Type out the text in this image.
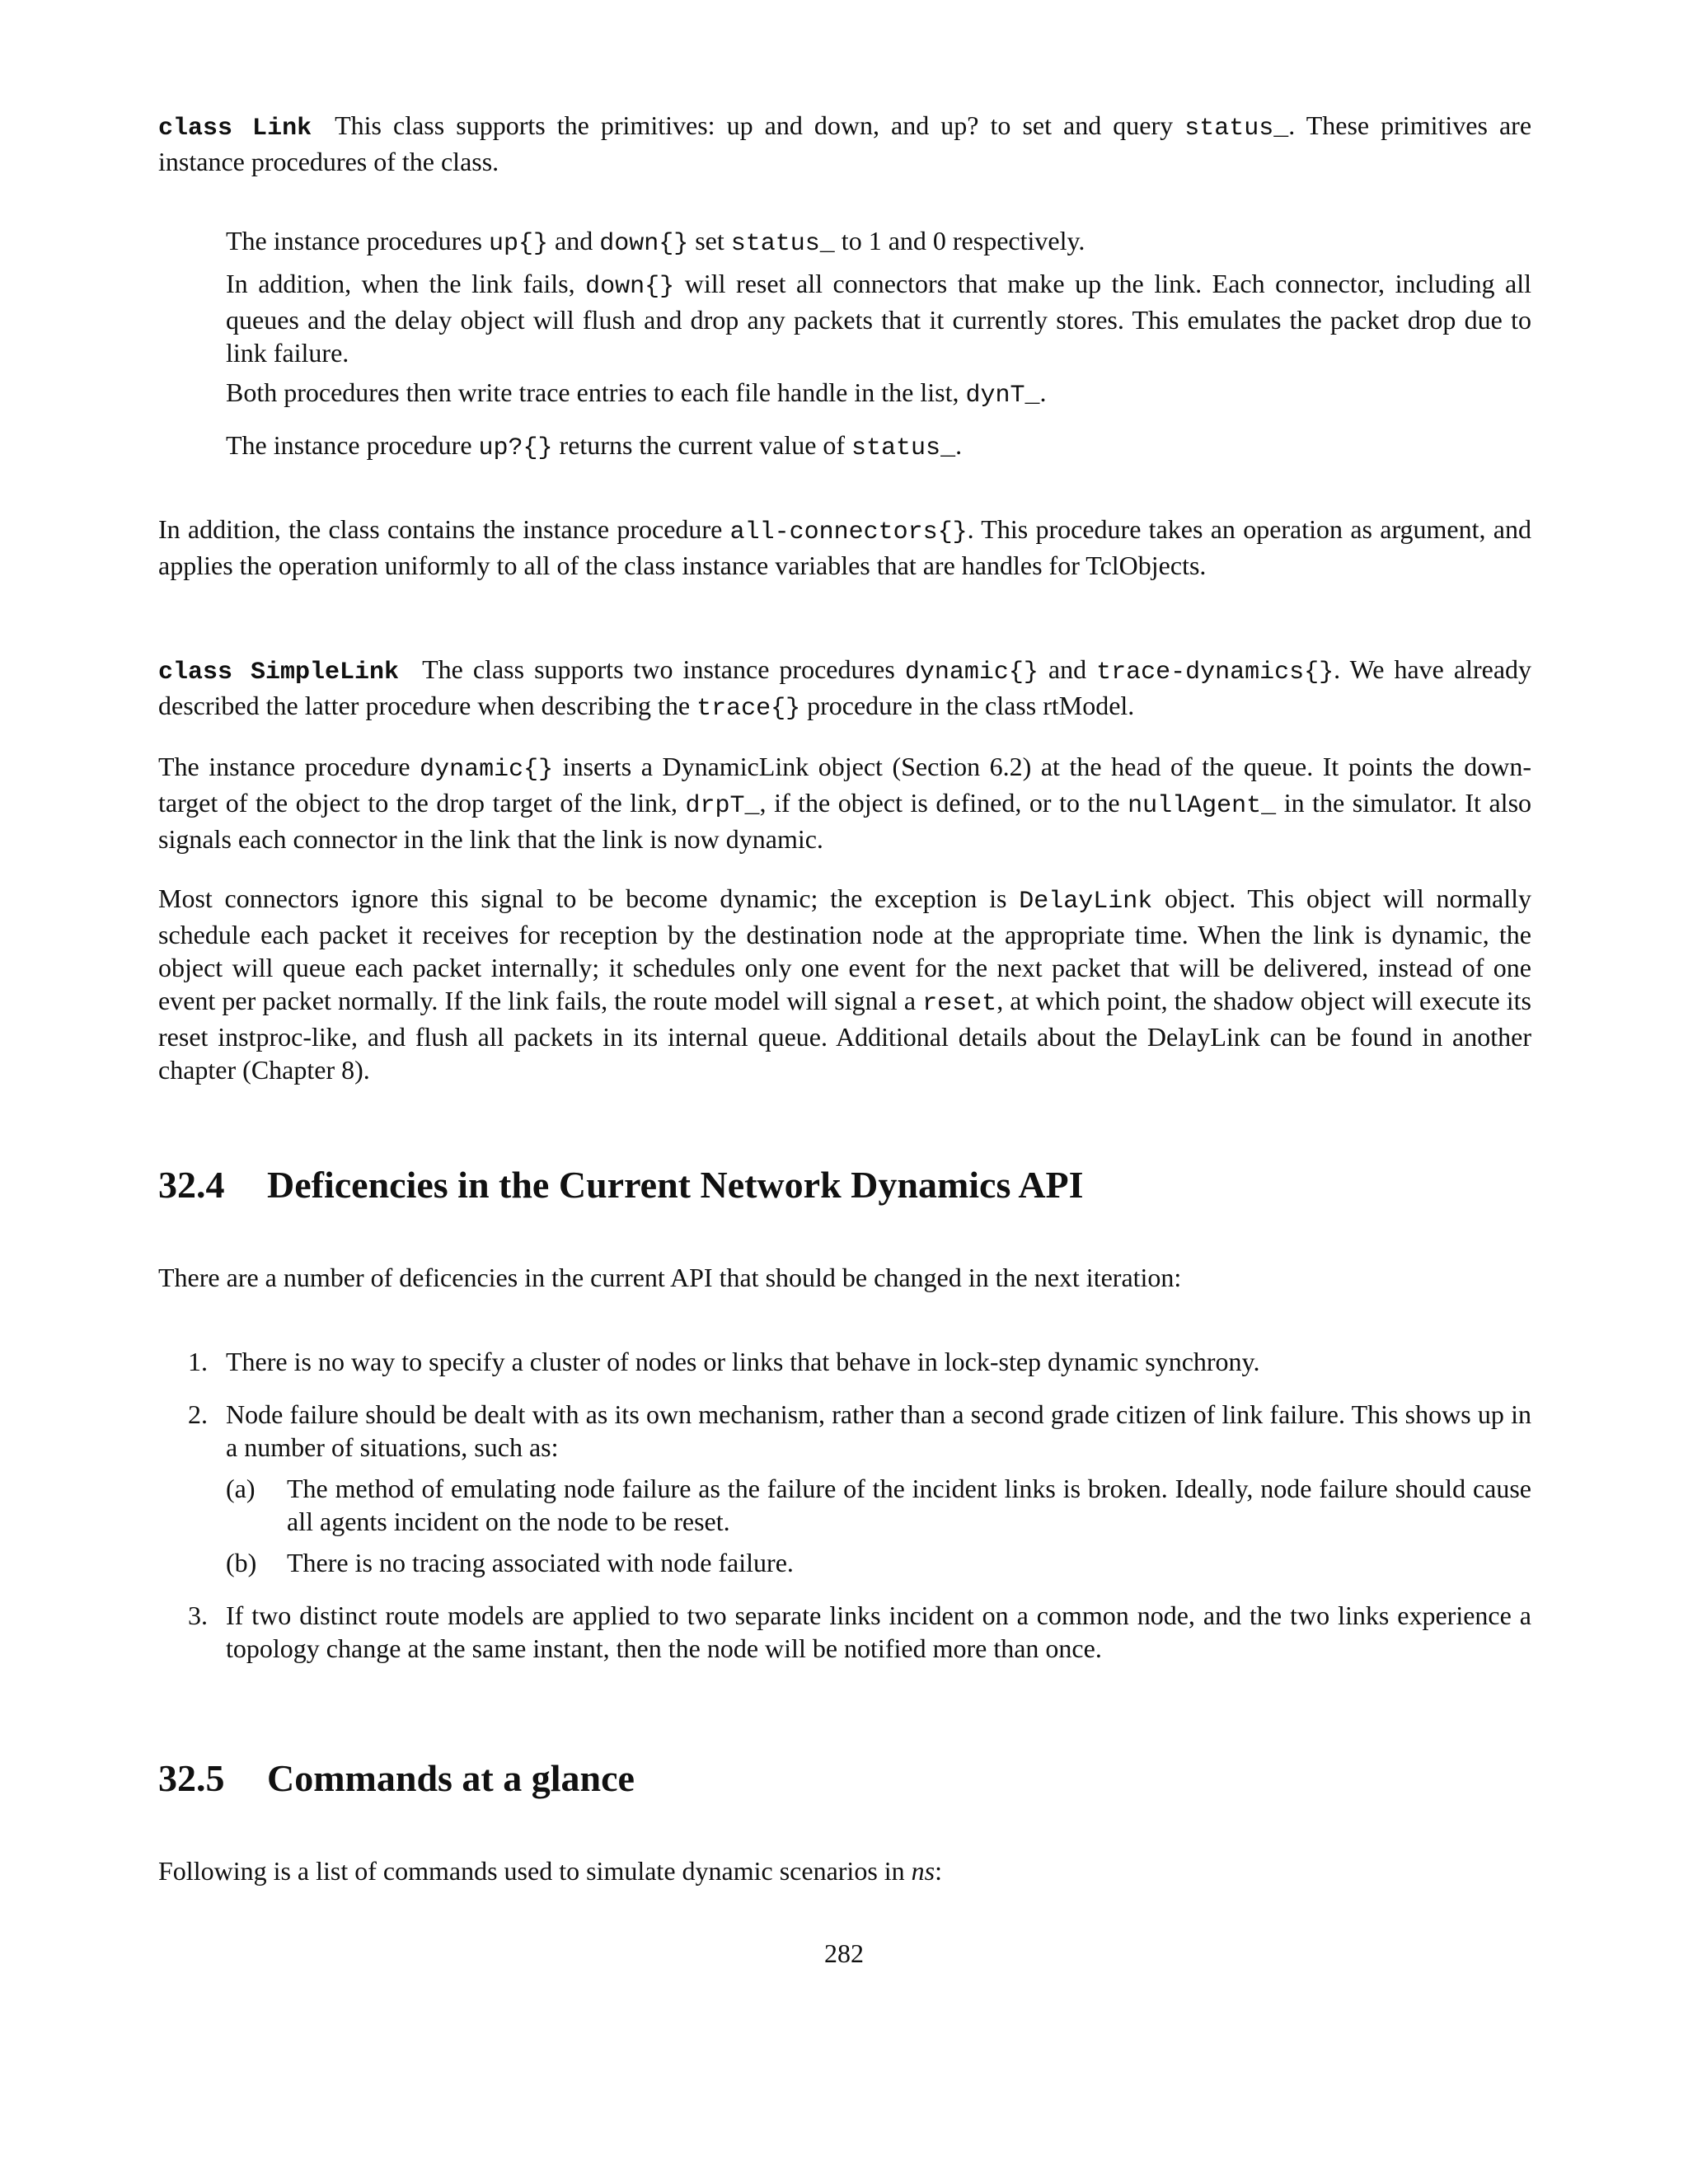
class Link This class supports the primitives: up and down, and up? to set and query status_. These primitives are instance procedures of the class.

The instance procedures up{} and down{} set status_ to 1 and 0 respectively.

In addition, when the link fails, down{} will reset all connectors that make up the link. Each connector, including all queues and the delay object will flush and drop any packets that it currently stores. This emulates the packet drop due to link failure.

Both procedures then write trace entries to each file handle in the list, dynT_.

The instance procedure up?{} returns the current value of status_.

In addition, the class contains the instance procedure all-connectors{}. This procedure takes an operation as argument, and applies the operation uniformly to all of the class instance variables that are handles for TclObjects.

class SimpleLink The class supports two instance procedures dynamic{} and trace-dynamics{}. We have already described the latter procedure when describing the trace{} procedure in the class rtModel.

The instance procedure dynamic{} inserts a DynamicLink object (Section 6.2) at the head of the queue. It points the down-target of the object to the drop target of the link, drpT_, if the object is defined, or to the nullAgent_ in the simulator. It also signals each connector in the link that the link is now dynamic.

Most connectors ignore this signal to be become dynamic; the exception is DelayLink object. This object will normally schedule each packet it receives for reception by the destination node at the appropriate time. When the link is dynamic, the object will queue each packet internally; it schedules only one event for the next packet that will be delivered, instead of one event per packet normally. If the link fails, the route model will signal a reset, at which point, the shadow object will execute its reset instproc-like, and flush all packets in its internal queue. Additional details about the DelayLink can be found in another chapter (Chapter 8).

32.4 Deficencies in the Current Network Dynamics API

There are a number of deficencies in the current API that should be changed in the next iteration:

1. There is no way to specify a cluster of nodes or links that behave in lock-step dynamic synchrony.
2. Node failure should be dealt with as its own mechanism, rather than a second grade citizen of link failure. This shows up in a number of situations, such as:
(a) The method of emulating node failure as the failure of the incident links is broken. Ideally, node failure should cause all agents incident on the node to be reset.
(b) There is no tracing associated with node failure.
3. If two distinct route models are applied to two separate links incident on a common node, and the two links experience a topology change at the same instant, then the node will be notified more than once.
32.5 Commands at a glance

Following is a list of commands used to simulate dynamic scenarios in ns:

282
